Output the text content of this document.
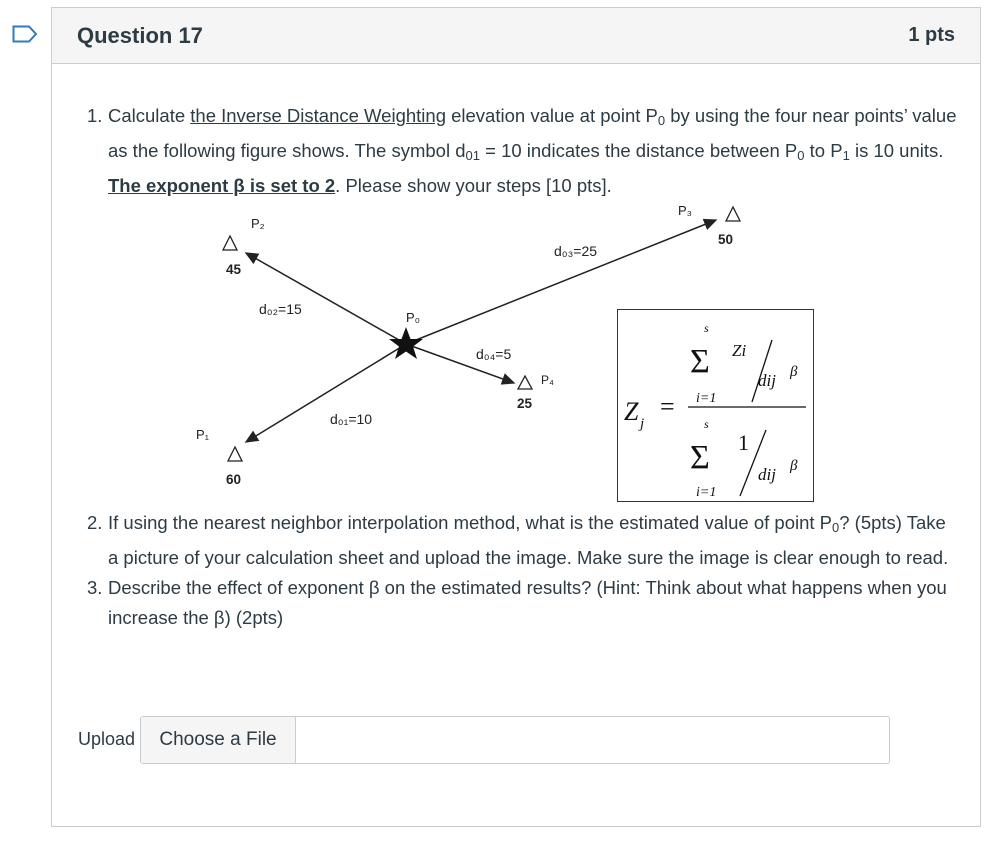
Question 17	1 pts
1. Calculate the Inverse Distance Weighting elevation value at point $P_0$ by using the four near points’ value as the following figure shows. The symbol $d_{01} = 10$ indicates the distance between $P_0$ to $P_1$ is 10 units. The exponent β is set to 2. Please show your steps [10 pts].
2. If using the nearest neighbor interpolation method, what is the estimated value of point $P_0$? (5pts) Take a picture of your calculation sheet and upload the image. Make sure the image is clear enough to read.
3. Describe the effect of exponent β on the estimated results? (Hint: Think about what happens when you increase the β) (2pts)
Upload	Choose a File
P₂
45
P₁
60
P₃
50
P₄
25
P₀
d₀₂=15
d₀₁=10
d₀₃=25
d₀₄=5
Z j
=
s
Σ
i=1
Zi
dij β
s
Σ
i=1
1
dij β
